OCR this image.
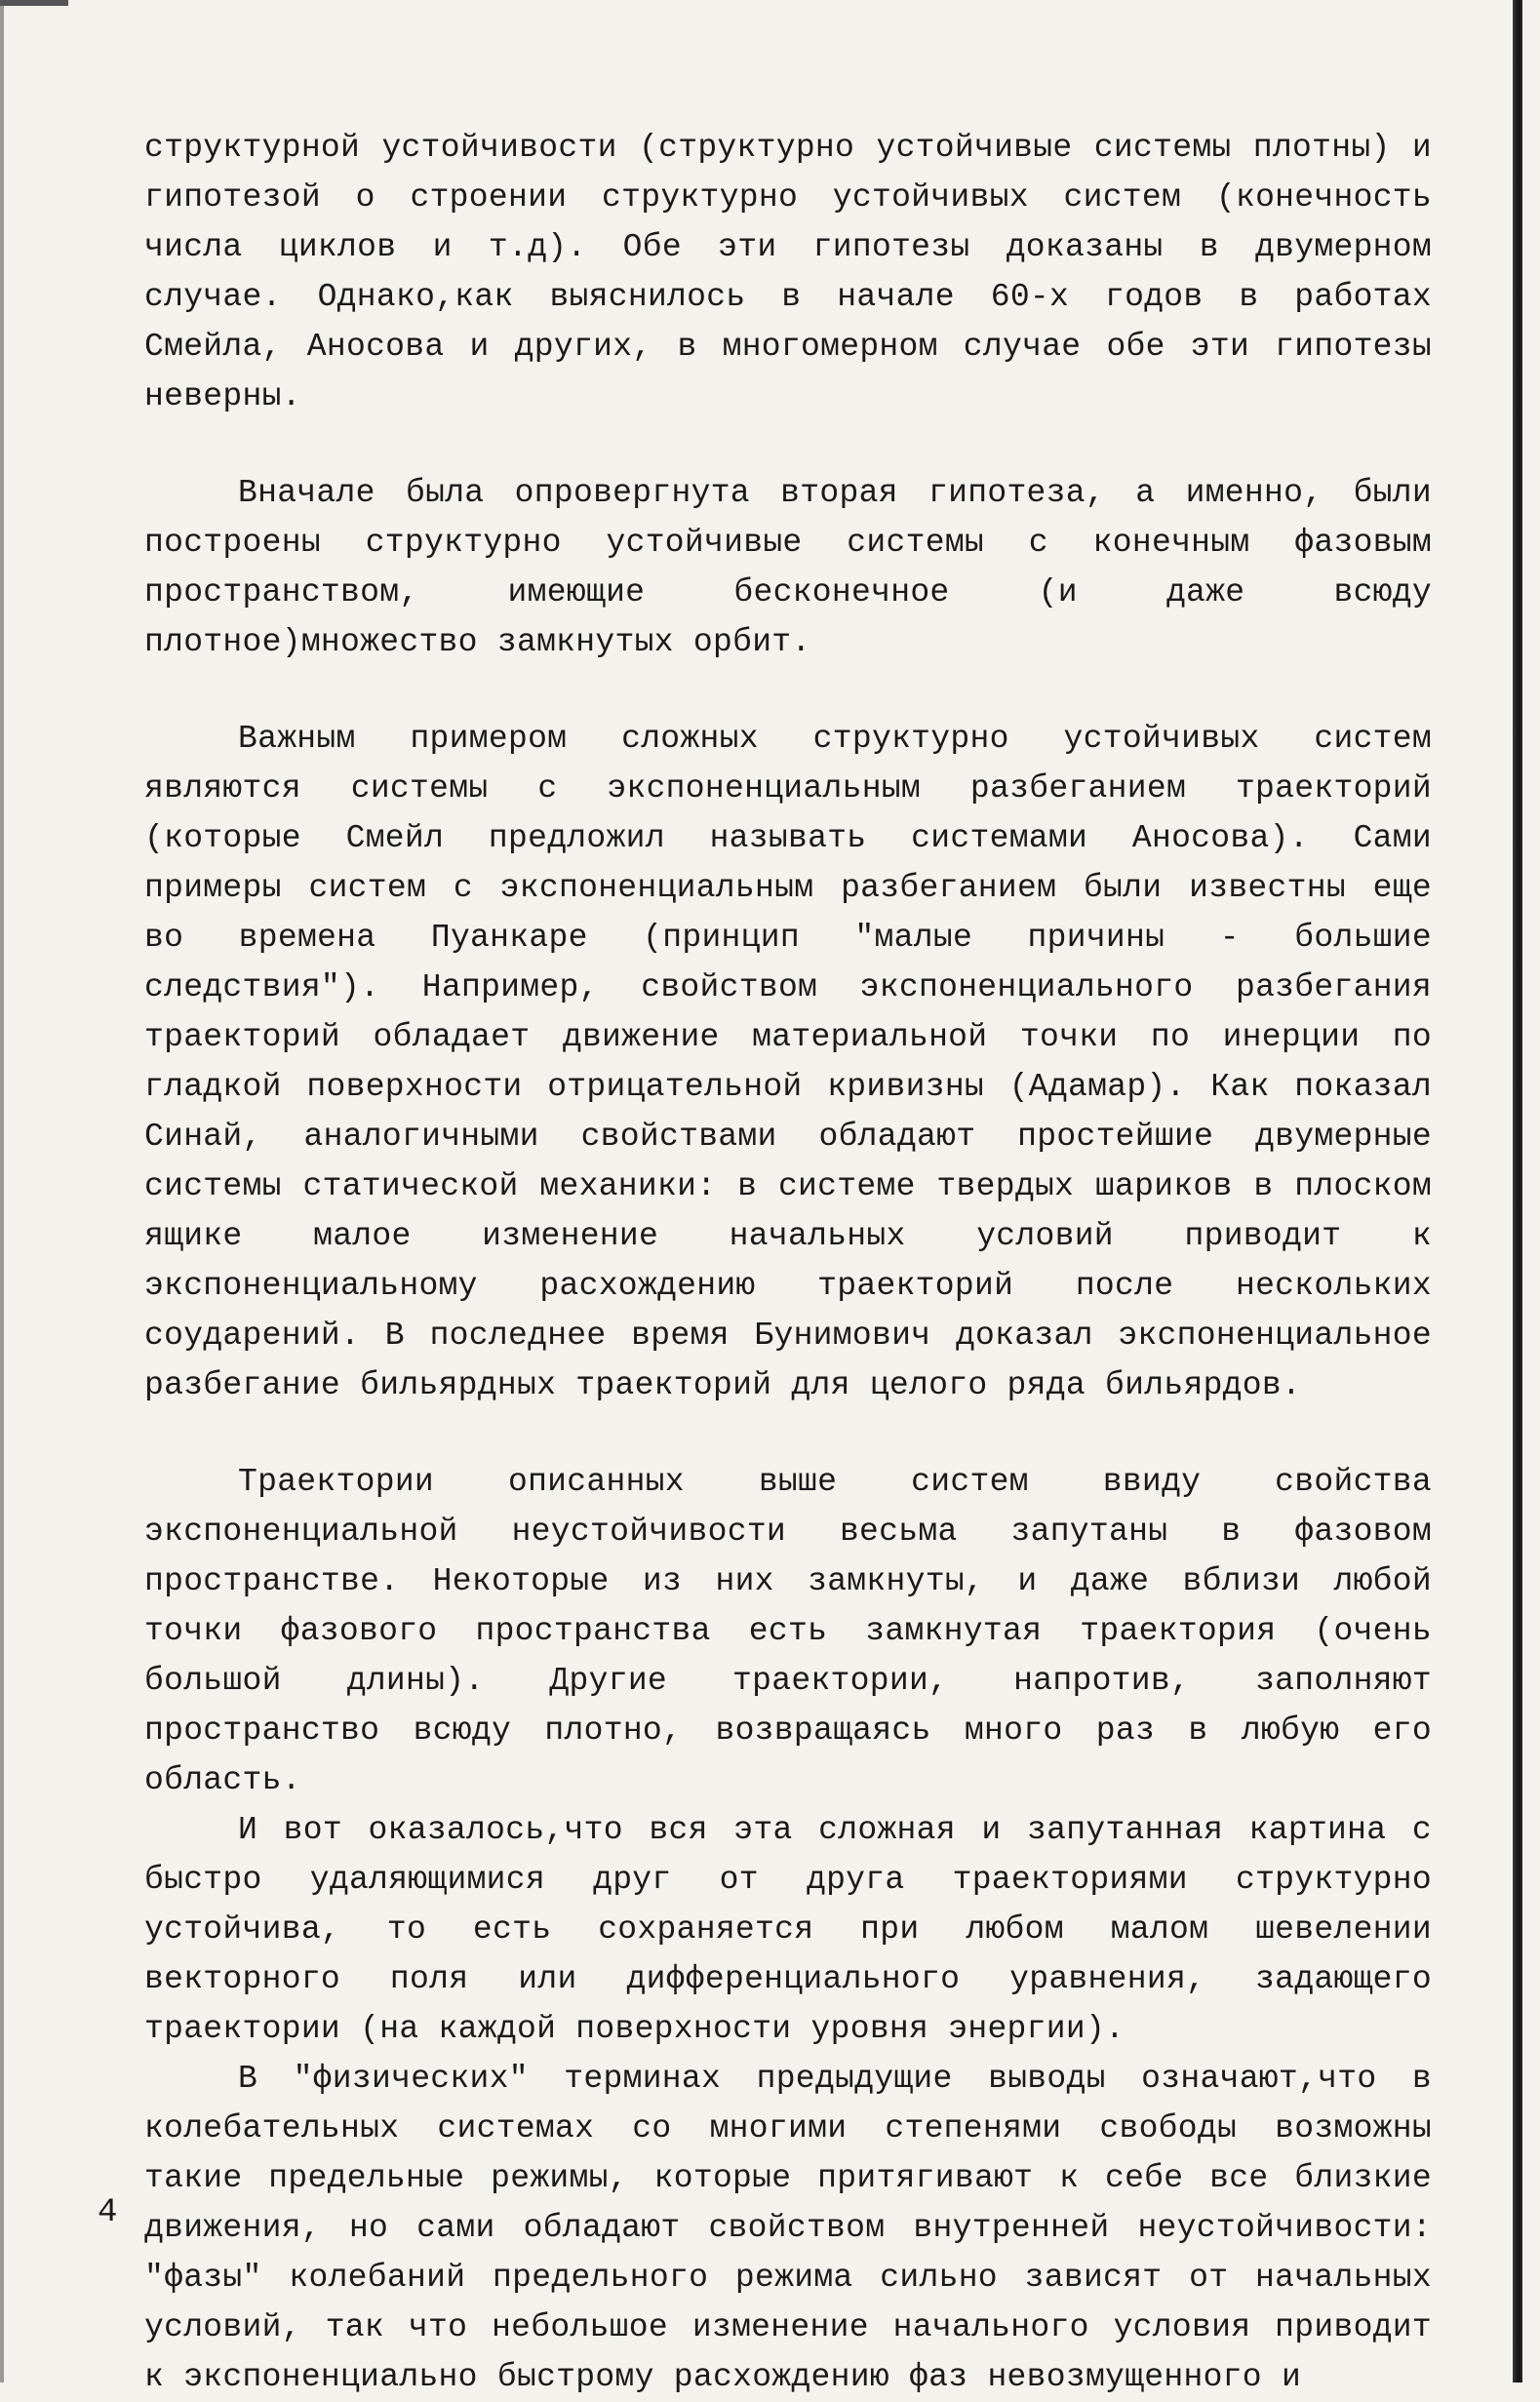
структурной устойчивости (структурно устойчивые системы плотны) и гипотезой о строении структурно устойчивых систем (конечность числа циклов и т.д). Обе эти гипотезы доказаны в двумерном случае. Однако,как выяснилось в начале 60-х годов в работах Смейла, Аносова и других, в многомерном случае обе эти гипотезы неверны.

Вначале была опровергнута вторая гипотеза, а именно, были построены структурно устойчивые системы с конечным фазовым пространством, имеющие бесконечное (и даже всюду плотное)множество замкнутых орбит.

Важным примером сложных структурно устойчивых систем являются системы с экспоненциальным разбеганием траекторий (которые Смейл предложил называть системами Аносова). Сами примеры систем с экспоненциальным разбеганием были известны еще во времена Пуанкаре (принцип "малые причины - большие следствия"). Например, свойством экспоненциального разбегания траекторий обладает движение материальной точки по инерции по гладкой поверхности отрицательной кривизны (Адамар). Как показал Синай, аналогичными свойствами обладают простейшие двумерные системы статической механики: в системе твердых шариков в плоском ящике малое изменение начальных условий приводит к экспоненциальному расхождению траекторий после нескольких соударений. В последнее время Бунимович доказал экспоненциальное разбегание бильярдных траекторий для целого ряда бильярдов.

Траектории описанных выше систем ввиду свойства экспоненциальной неустойчивости весьма запутаны в фазовом пространстве. Некоторые из них замкнуты, и даже вблизи любой точки фазового пространства есть замкнутая траектория (очень большой длины). Другие траектории, напротив, заполняют пространство всюду плотно, возвращаясь много раз в любую его область.

И вот оказалось,что вся эта сложная и запутанная картина с быстро удаляющимися друг от друга траекториями структурно устойчива, то есть сохраняется при любом малом шевелении векторного поля или дифференциального уравнения, задающего траектории (на каждой поверхности уровня энергии).

В "физических" терминах предыдущие выводы означают,что в колебательных системах со многими степенями свободы возможны такие предельные режимы, которые притягивают к себе все близкие движения, но сами обладают свойством внутренней неустойчивости: "фазы" колебаний предельного режима сильно зависят от начальных условий, так что небольшое изменение начального условия приводит к экспоненциально быстрому расхождению фаз невозмущенного и

4
